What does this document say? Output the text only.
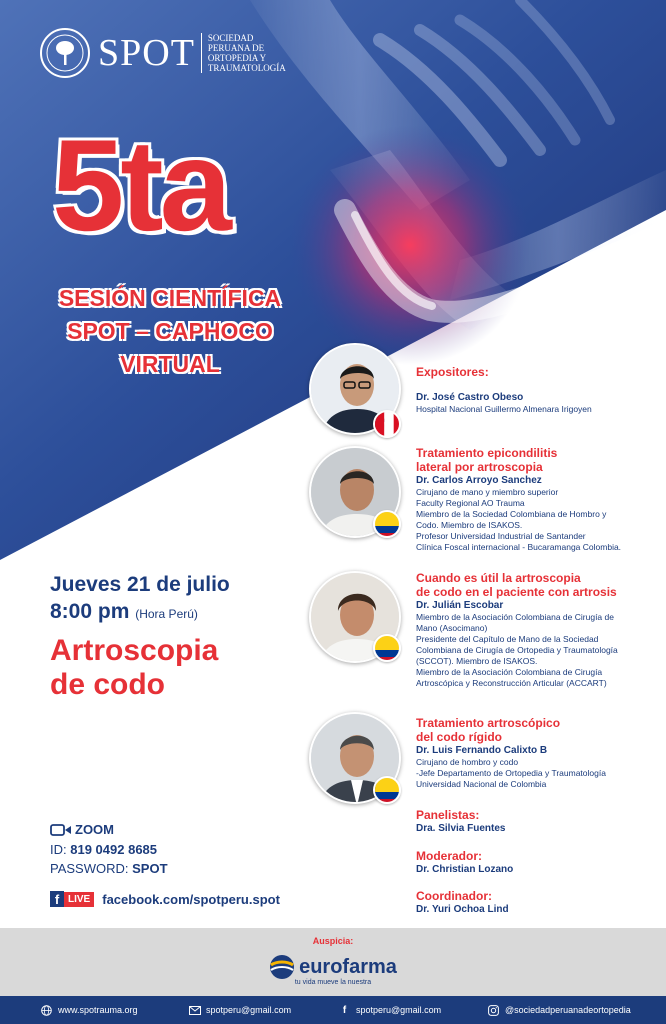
SPOT SOCIEDAD
PERUANA DE
ORTOPEDIA Y
TRAUMATOLOGÍA
5ta
SESIÓN CIENTÍFICA
SPOT – CAPHOCO
VIRTUAL	Expositores:

Dr. José Castro Obeso

Hospital Nacional Guillermo Almenara Irigoyen

Tratamiento epicondilitis

lateral por artroscopia

Dr. Carlos Arroyo Sanchez

Cirujano de mano y miembro superior

Faculty Regional AO Trauma

Miembro de la Sociedad Colombiana de Hombro y

Codo. Miembro de ISAKOS.

Profesor Universidad Industrial de Santander

Clínica Foscal internacional - Bucaramanga Colombia.

Cuando es útil la artroscopia

de codo en el paciente con artrosis

Dr. Julián Escobar

Miembro de la Asociación Colombiana de Cirugía de

Mano (Asocimano)

Presidente del Capítulo de Mano de la Sociedad

Colombiana de Cirugía de Ortopedia y Traumatología

(SCCOT). Miembro de ISAKOS.

Miembro de la Asociación Colombiana de Cirugía

Artroscópica y Reconstrucción Articular (ACCART)

Tratamiento artroscópico

del codo rígido

Dr. Luis Fernando Calixto B

Cirujano de hombro y codo

-Jefe Departamento de Ortopedia y Traumatología

Universidad Nacional de Colombia

Panelistas:

Dra. Silvia Fuentes

Moderador:

Dr. Christian Lozano

Coordinador:

Dr. Yuri Ochoa Lind

Jueves 21 de julio
8:00 pm (Hora Perú)
Artroscopia
de codo
ZOOM
ID: 819 0492 8685
PASSWORD: SPOT
f LIVE facebook.com/spotperu.spot
Auspicia:
eurofarma
tu vida mueve la nuestra
www.spotrauma.org	spotperu@gmail.com	f	spotperu@gmail.com	@sociedadperuanadeortopedia
